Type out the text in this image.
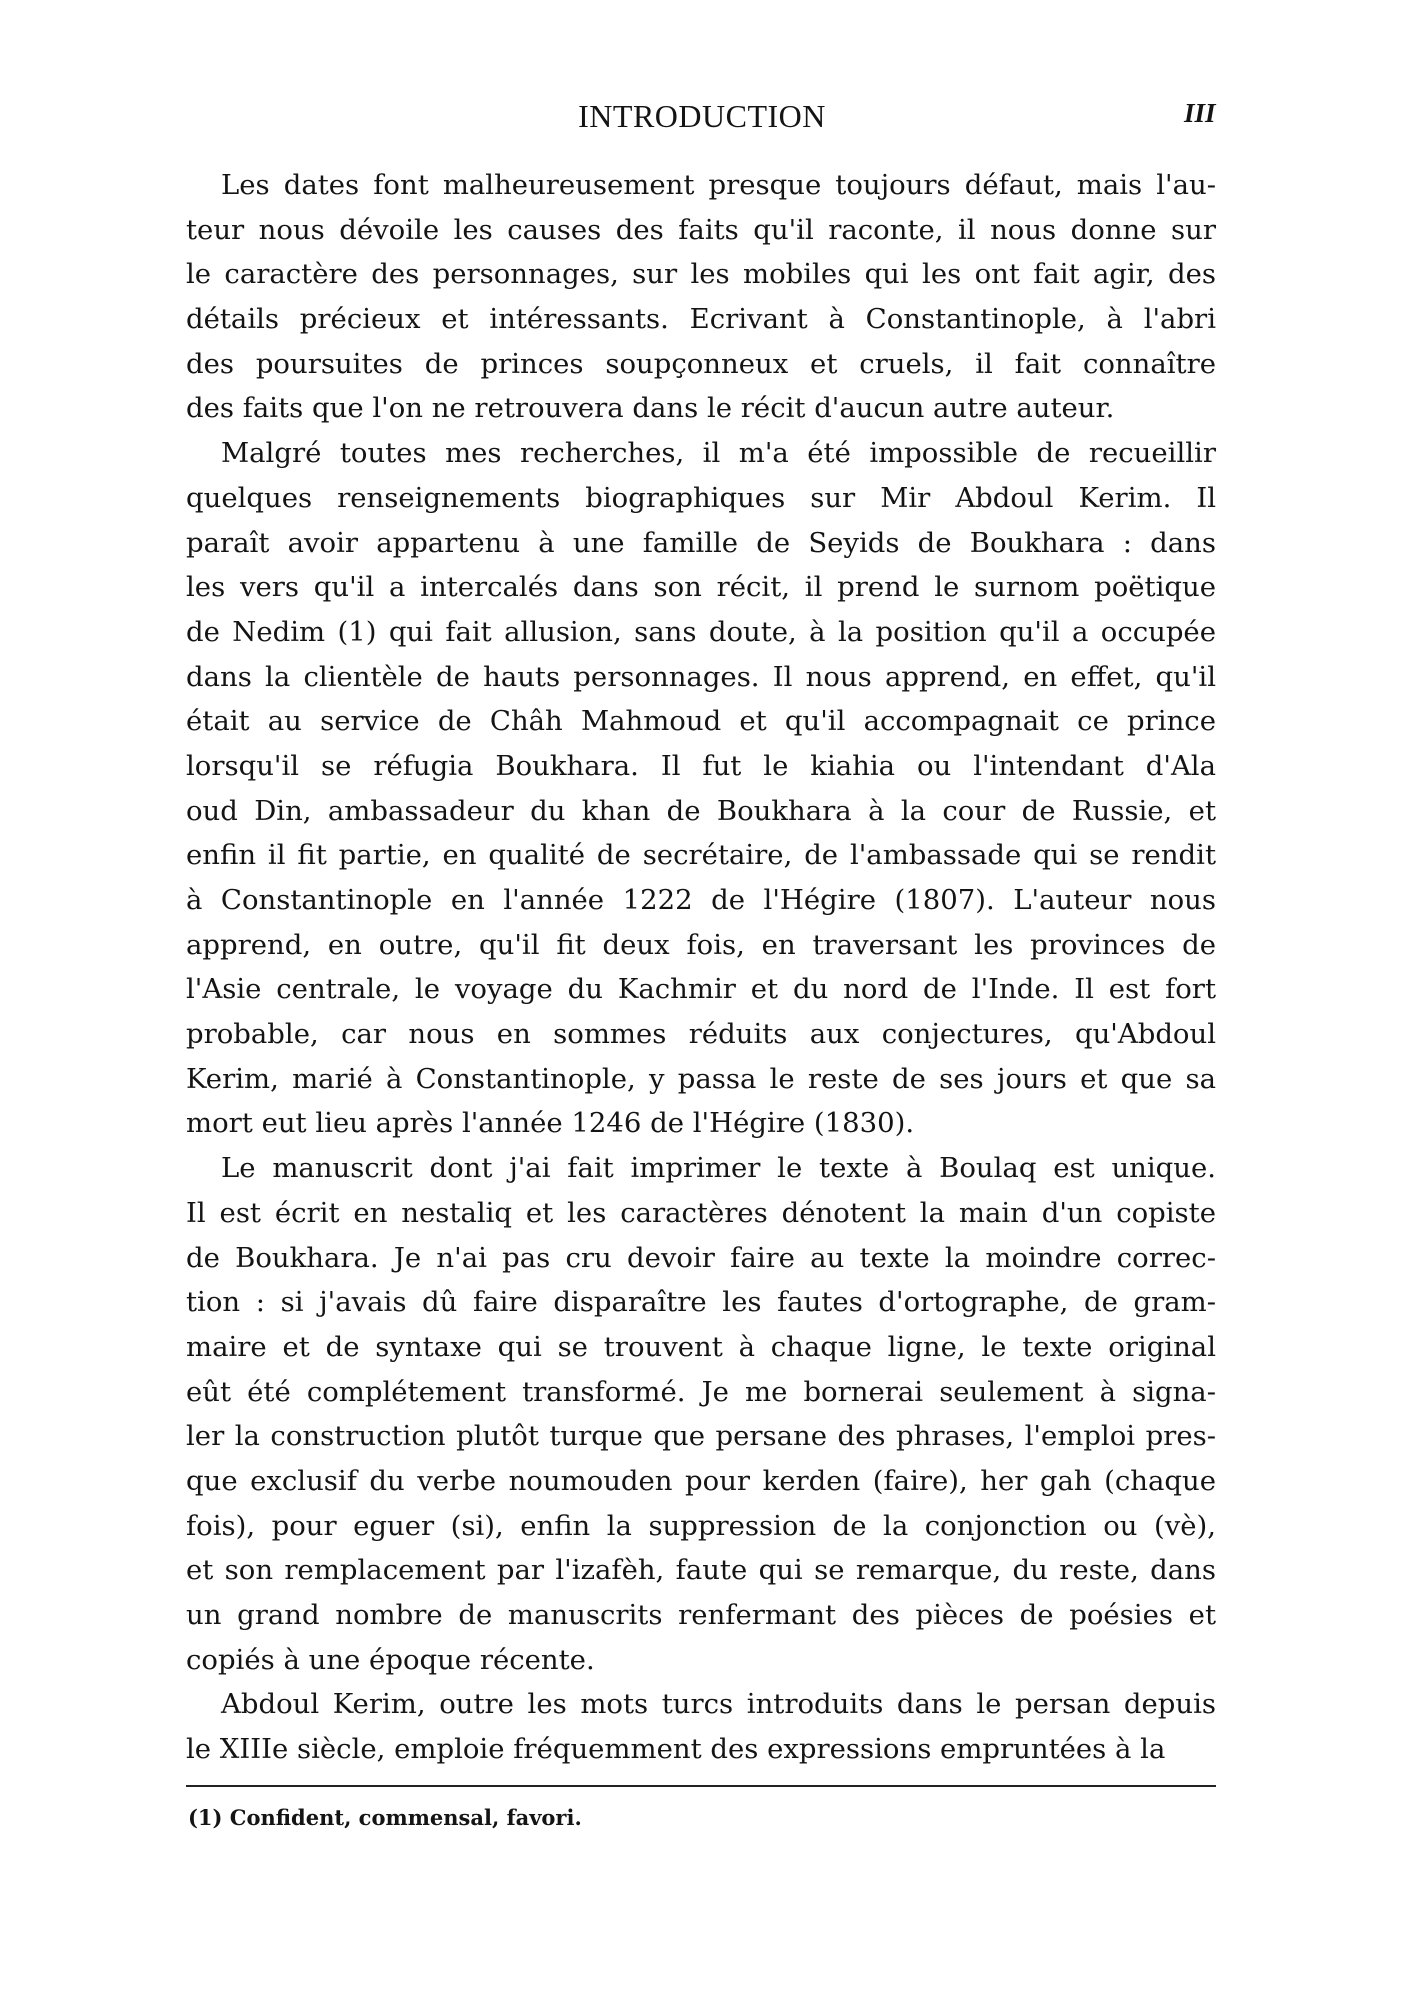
INTRODUCTION	III
Les dates font malheureusement presque toujours défaut, mais l'au-
teur nous dévoile les causes des faits qu'il raconte, il nous donne sur
le caractère des personnages, sur les mobiles qui les ont fait agir, des
détails précieux et intéressants. Ecrivant à Constantinople, à l'abri
des poursuites de princes soupçonneux et cruels, il fait connaître
des faits que l'on ne retrouvera dans le récit d'aucun autre auteur.
Malgré toutes mes recherches, il m'a été impossible de recueillir
quelques renseignements biographiques sur Mir Abdoul Kerim. Il
paraît avoir appartenu à une famille de Seyids de Boukhara : dans
les vers qu'il a intercalés dans son récit, il prend le surnom poëtique
de Nedim (1) qui fait allusion, sans doute, à la position qu'il a occupée
dans la clientèle de hauts personnages. Il nous apprend, en effet, qu'il
était au service de Châh Mahmoud et qu'il accompagnait ce prince
lorsqu'il se réfugia Boukhara. Il fut le kiahia ou l'intendant d'Ala
oud Din, ambassadeur du khan de Boukhara à la cour de Russie, et
enfin il fit partie, en qualité de secrétaire, de l'ambassade qui se rendit
à Constantinople en l'année 1222 de l'Hégire (1807). L'auteur nous
apprend, en outre, qu'il fit deux fois, en traversant les provinces de
l'Asie centrale, le voyage du Kachmir et du nord de l'Inde. Il est fort
probable, car nous en sommes réduits aux conjectures, qu'Abdoul
Kerim, marié à Constantinople, y passa le reste de ses jours et que sa
mort eut lieu après l'année 1246 de l'Hégire (1830).
Le manuscrit dont j'ai fait imprimer le texte à Boulaq est unique.
Il est écrit en nestaliq et les caractères dénotent la main d'un copiste
de Boukhara. Je n'ai pas cru devoir faire au texte la moindre correc-
tion : si j'avais dû faire disparaître les fautes d'ortographe, de gram-
maire et de syntaxe qui se trouvent à chaque ligne, le texte original
eût été complétement transformé. Je me bornerai seulement à signa-
ler la construction plutôt turque que persane des phrases, l'emploi pres-
que exclusif du verbe noumouden pour kerden (faire), her gah (chaque
fois), pour eguer (si), enfin la suppression de la conjonction ou (vè),
et son remplacement par l'izafèh, faute qui se remarque, du reste, dans
un grand nombre de manuscrits renfermant des pièces de poésies et
copiés à une époque récente.
Abdoul Kerim, outre les mots turcs introduits dans le persan depuis
le XIIIe siècle, emploie fréquemment des expressions empruntées à la
(1) Confident, commensal, favori.
